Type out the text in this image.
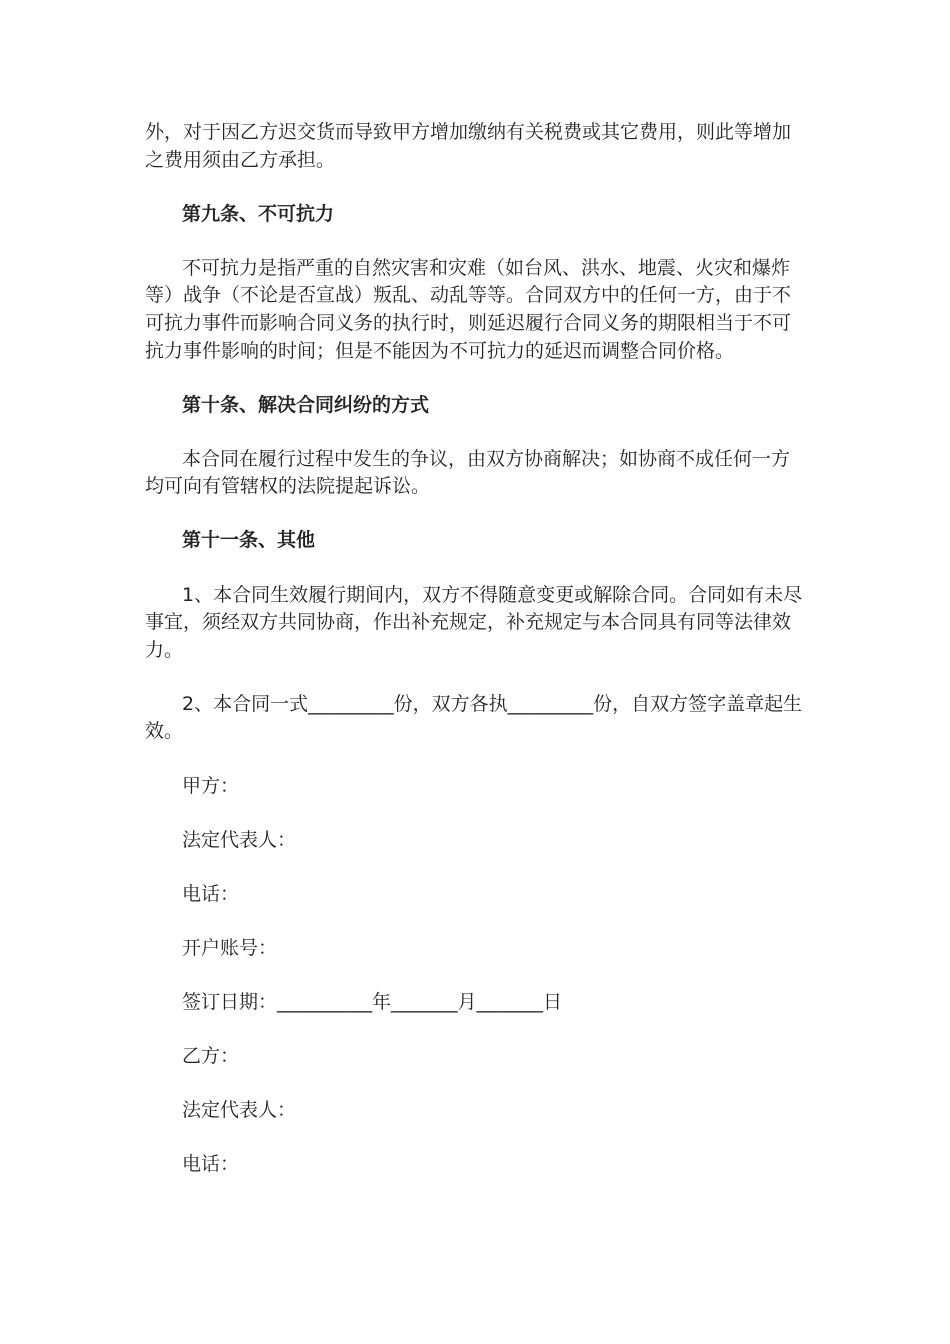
外，对于因乙方迟交货而导致甲方增加缴纳有关税费或其它费用，则此等增加
之费用须由乙方承担。

第九条、不可抗力

不可抗力是指严重的自然灾害和灾难（如台风、洪水、地震、火灾和爆炸
等）战争（不论是否宣战）叛乱、动乱等等。合同双方中的任何一方，由于不
可抗力事件而影响合同义务的执行时，则延迟履行合同义务的期限相当于不可
抗力事件影响的时间；但是不能因为不可抗力的延迟而调整合同价格。

第十条、解决合同纠纷的方式

本合同在履行过程中发生的争议，由双方协商解决；如协商不成任何一方
均可向有管辖权的法院提起诉讼。

第十一条、其他

1、本合同生效履行期间内，双方不得随意变更或解除合同。合同如有未尽
事宜，须经双方共同协商，作出补充规定，补充规定与本合同具有同等法律效
力。

2、本合同一式_________份，双方各执_________份，自双方签字盖章起生
效。

甲方：

法定代表人：

电话：

开户账号：

签订日期：__________年_______月_______日

乙方：

法定代表人：

电话：
